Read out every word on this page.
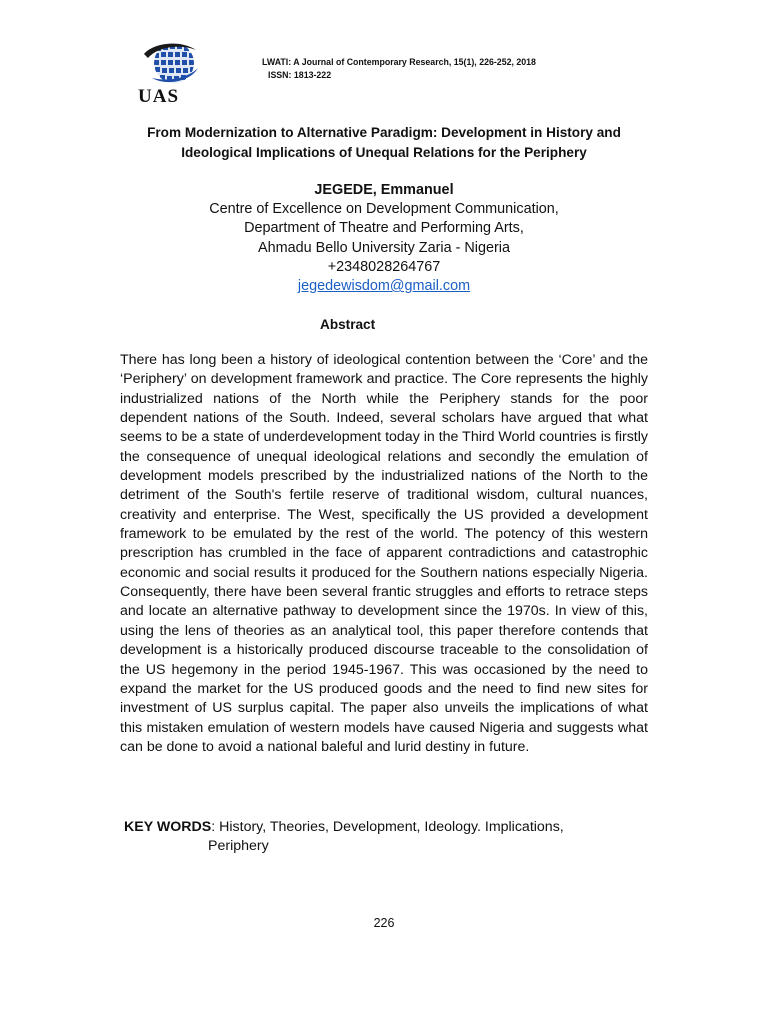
UAS
LWATI: A Journal of Contemporary Research, 15(1), 226-252, 2018
ISSN: 1813-222
From Modernization to Alternative Paradigm: Development in History and
Ideological Implications of Unequal Relations for the Periphery
JEGEDE, Emmanuel
Centre of Excellence on Development Communication,
Department of Theatre and Performing Arts,
Ahmadu Bello University Zaria - Nigeria
+2348028264767
jegedewisdom@gmail.com
Abstract
There has long been a history of ideological contention between the ‘Core’ and the ‘Periphery’ on development framework and practice. The Core represents the highly industrialized nations of the North while the Periphery stands for the poor dependent nations of the South. Indeed, several scholars have argued that what seems to be a state of underdevelopment today in the Third World countries is firstly the consequence of unequal ideological relations and secondly the emulation of development models prescribed by the industrialized nations of the North to the detriment of the South's fertile reserve of traditional wisdom, cultural nuances, creativity and enterprise. The West, specifically the US provided a development framework to be emulated by the rest of the world. The potency of this western prescription has crumbled in the face of apparent contradictions and catastrophic economic and social results it produced for the Southern nations especially Nigeria. Consequently, there have been several frantic struggles and efforts to retrace steps and locate an alternative pathway to development since the 1970s. In view of this, using the lens of theories as an analytical tool, this paper therefore contends that development is a historically produced discourse traceable to the consolidation of the US hegemony in the period 1945-1967. This was occasioned by the need to expand the market for the US produced goods and the need to find new sites for investment of US surplus capital. The paper also unveils the implications of what this mistaken emulation of western models have caused Nigeria and suggests what can be done to avoid a national baleful and lurid destiny in future.
KEY WORDS: History, Theories, Development, Ideology. Implications,
Periphery
226
